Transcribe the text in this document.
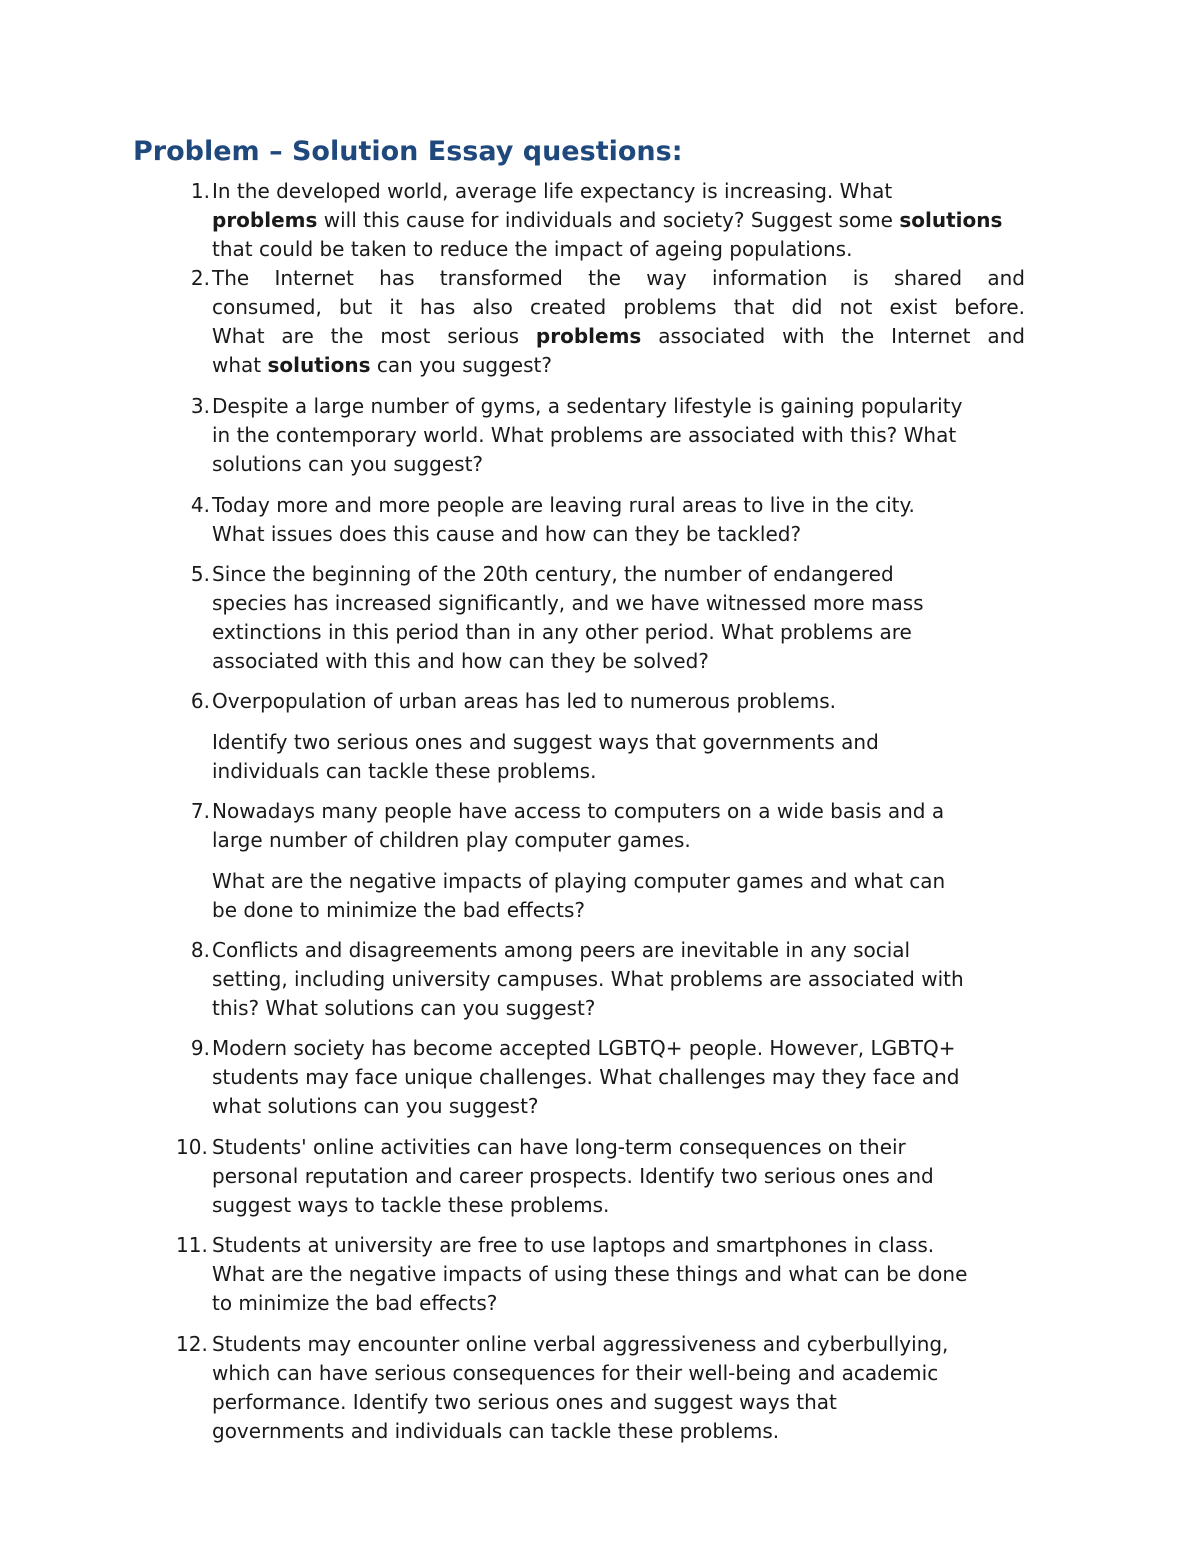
Problem – Solution Essay questions:
1. In the developed world, average life expectancy is increasing. What
problems will this cause for individuals and society? Suggest some solutions
that could be taken to reduce the impact of ageing populations.
2. The Internet has transformed the way information is shared and
consumed, but it has also created problems that did not exist before.
What are the most serious problems associated with the Internet and
what solutions can you suggest?
3. Despite a large number of gyms, a sedentary lifestyle is gaining popularity
in the contemporary world. What problems are associated with this? What
solutions can you suggest?
4. Today more and more people are leaving rural areas to live in the city.
What issues does this cause and how can they be tackled?
5. Since the beginning of the 20th century, the number of endangered
species has increased significantly, and we have witnessed more mass
extinctions in this period than in any other period. What problems are
associated with this and how can they be solved?
6. Overpopulation of urban areas has led to numerous problems.
Identify two serious ones and suggest ways that governments and
individuals can tackle these problems.
7. Nowadays many people have access to computers on a wide basis and a
large number of children play computer games.
What are the negative impacts of playing computer games and what can
be done to minimize the bad effects?
8. Conflicts and disagreements among peers are inevitable in any social
setting, including university campuses. What problems are associated with
this? What solutions can you suggest?
9. Modern society has become accepted LGBTQ+ people. However, LGBTQ+
students may face unique challenges. What challenges may they face and
what solutions can you suggest?
10. Students' online activities can have long-term consequences on their
personal reputation and career prospects. Identify two serious ones and
suggest ways to tackle these problems.
11. Students at university are free to use laptops and smartphones in class.
What are the negative impacts of using these things and what can be done
to minimize the bad effects?
12. Students may encounter online verbal aggressiveness and cyberbullying,
which can have serious consequences for their well-being and academic
performance. Identify two serious ones and suggest ways that
governments and individuals can tackle these problems.
